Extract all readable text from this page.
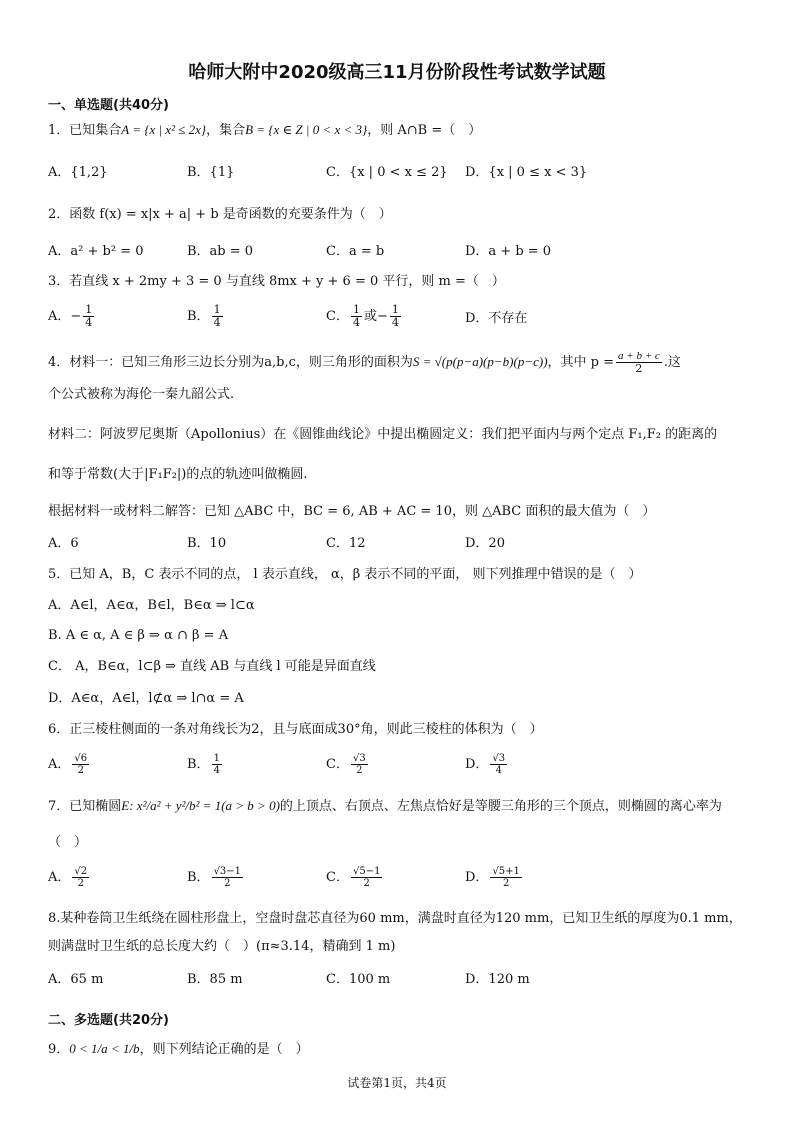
哈师大附中2020级高三11月份阶段性考试数学试题
一、单选题(共40分)
1．已知集合A = {x | x² ≤ 2x}，集合B = {x ∈ Z | 0 < x < 3}，则 A∩B =（　）
A．{1,2}	B．{1}	C．{x | 0 < x ≤ 2} D．{x | 0 ≤ x < 3}
2．函数 f(x) = x|x + a| + b 是奇函数的充要条件为（　）
A．a² + b² = 0	B．ab = 0	C．a = b	D．a + b = 0
3．若直线 x + 2my + 3 = 0 与直线 8mx + y + 6 = 0 平行，则 m =（　）
A．− $\frac{1}{4}$	B． $\frac{1}{4}$	C． $\frac{1}{4}$ 或− $\frac{1}{4}$	D．不存在
4．材料一：已知三角形三边长分别为a,b,c，则三角形的面积为S = √(p(p−a)(p−b)(p−c))，其中 $p = \frac{a + b + c}{2}$ .这
个公式被称为海伦一秦九韶公式.
材料二：阿波罗尼奥斯（Apollonius）在《圆锥曲线论》中提出椭圆定义：我们把平面内与两个定点 F₁,F₂ 的距离的
和等于常数(大于|F₁F₂|)的点的轨迹叫做椭圆.
根据材料一或材料二解答：已知 △ABC 中，BC = 6, AB + AC = 10，则 △ABC 面积的最大值为（　）
A．6	B．10	C．12	D．20
5．已知 A，B，C 表示不同的点， l 表示直线， α，β 表示不同的平面， 则下列推理中错误的是（　）
A．A∈l，A∈α，B∈l，B∈α ⇒ l⊂α
B. A ∈ α, A ∈ β ⇒ α ∩ β = A
C． A，B∈α，l⊂β ⇒ 直线 AB 与直线 l 可能是异面直线
D．A∈α，A∈l，l⊄α ⇒ l∩α = A
6．正三棱柱侧面的一条对角线长为2，且与底面成30°角，则此三棱柱的体积为（　）
A． $\frac{√6}{2}$	B． $\frac{1}{4}$	C． $\frac{√3}{2}$	D． $\frac{√3}{4}$
7．已知椭圆E: x²/a² + y²/b² = 1(a > b > 0)的上顶点、右顶点、左焦点恰好是等腰三角形的三个顶点，则椭圆的离心率为
（　）
A． $\frac{√2}{2}$	B． $\frac{√3-1}{2}$	C． $\frac{√5-1}{2}$	D． $\frac{√5+1}{2}$
8.某种卷筒卫生纸绕在圆柱形盘上，空盘时盘芯直径为60 mm，满盘时直径为120 mm，已知卫生纸的厚度为0.1 mm，
则满盘时卫生纸的总长度大约（　）(π≈3.14，精确到 1 m)
A．65 m	B．85 m	C．100 m	D．120 m
二、多选题(共20分)
9．0 < 1/a < 1/b，则下列结论正确的是（　）
试卷第1页，共4页
